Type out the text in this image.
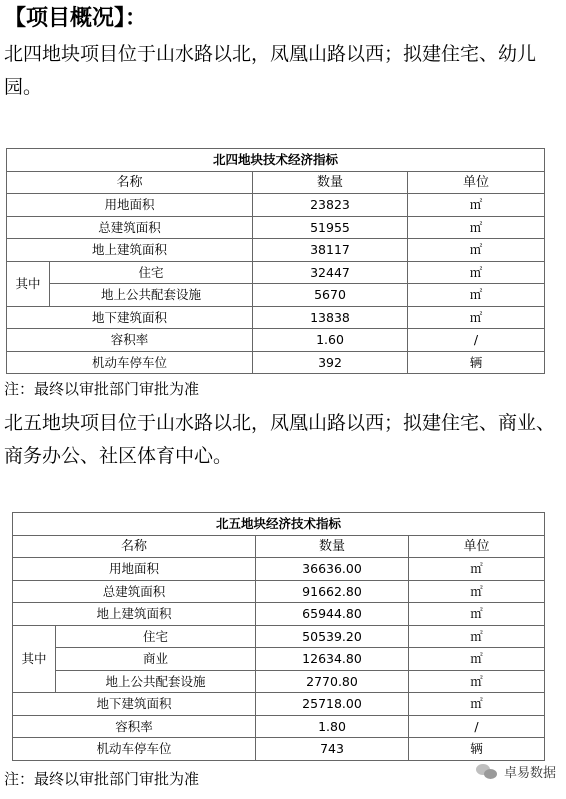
【项目概况】：

北四地块项目位于山水路以北，凤凰山路以西；拟建住宅、幼儿园。

北四地块技术经济指标			
名称		数量	单位
用地面积		23823	㎡
总建筑面积		51955	㎡
地上建筑面积		38117	㎡
其中	住宅	32447	㎡
	地上公共配套设施	5670	㎡
地下建筑面积		13838	㎡
容积率		1.60	/
机动车停车位		392	辆

注：最终以审批部门审批为准

北五地块项目位于山水路以北，凤凰山路以西；拟建住宅、商业、商务办公、社区体育中心。

北五地块经济技术指标			
名称		数量	单位
用地面积		36636.00	㎡
总建筑面积		91662.80	㎡
地上建筑面积		65944.80	㎡
其中	住宅	50539.20	㎡
	商业	12634.80	㎡
	地上公共配套设施	2770.80	㎡
地下建筑面积		25718.00	㎡
容积率		1.80	/
机动车停车位		743	辆

注：最终以审批部门审批为准	卓易数据
